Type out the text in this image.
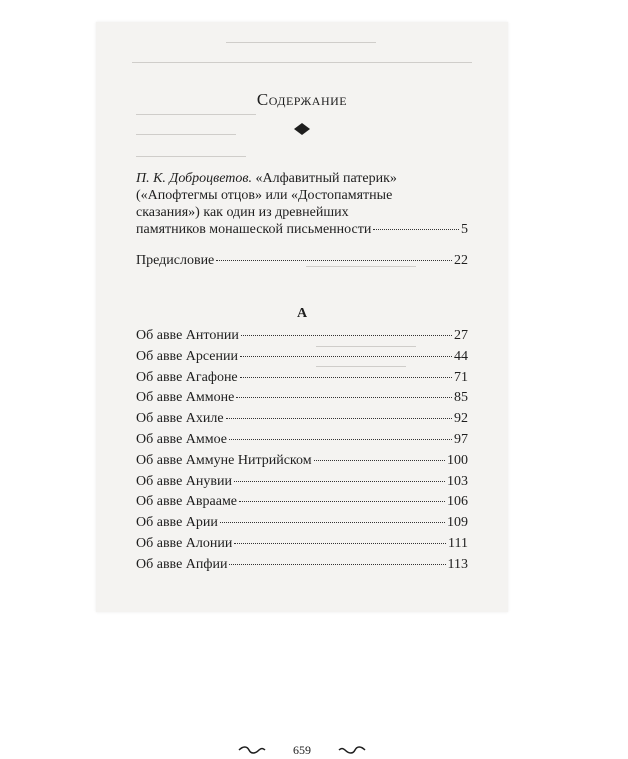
Содержание
П. К. Доброцветов. «Алфавитный патерик»
(«Апофтегмы отцов» или «Достопамятные
сказания») как один из древнейших
памятников монашеской письменности	5
Предисловие	22
А
Об авве Антонии	27
Об авве Арсении	44
Об авве Агафоне	71
Об авве Аммоне	85
Об авве Ахиле	92
Об авве Аммое	97
Об авве Аммуне Нитрийском	100
Об авве Анувии	103
Об авве Аврааме	106
Об авве Арии	109
Об авве Алонии	111
Об авве Апфии	113
659
